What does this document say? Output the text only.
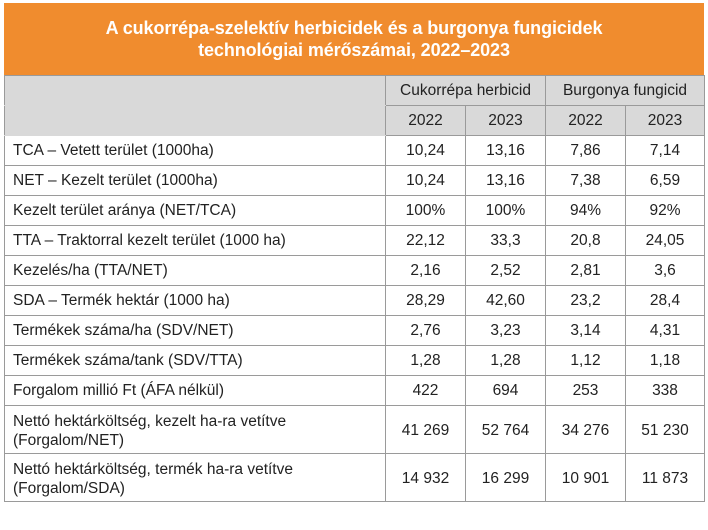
A cukorrépa-szelektív herbicidek és a burgonya fungicidek
technológiai mérőszámai, 2022–2023
	Cukorrépa herbicid		Burgonya fungicid	
	2022	2023	2022	2023
TCA – Vetett terület (1000ha)	10,24	13,16	7,86	7,14
NET – Kezelt terület (1000ha)	10,24	13,16	7,38	6,59
Kezelt terület aránya (NET/TCA)	100%	100%	94%	92%
TTA – Traktorral kezelt terület (1000 ha)	22,12	33,3	20,8	24,05
Kezelés/ha (TTA/NET)	2,16	2,52	2,81	3,6
SDA – Termék hektár (1000 ha)	28,29	42,60	23,2	28,4
Termékek száma/ha (SDV/NET)	2,76	3,23	3,14	4,31
Termékek száma/tank (SDV/TTA)	1,28	1,28	1,12	1,18
Forgalom millió Ft (ÁFA nélkül)	422	694	253	338

Nettó hektárköltség, kezelt ha-ra vetítve
(Forgalom/NET)	41 269	52 764	34 276	51 230

Nettó hektárköltség, termék ha-ra vetítve
(Forgalom/SDA)	14 932	16 299	10 901	11 873
